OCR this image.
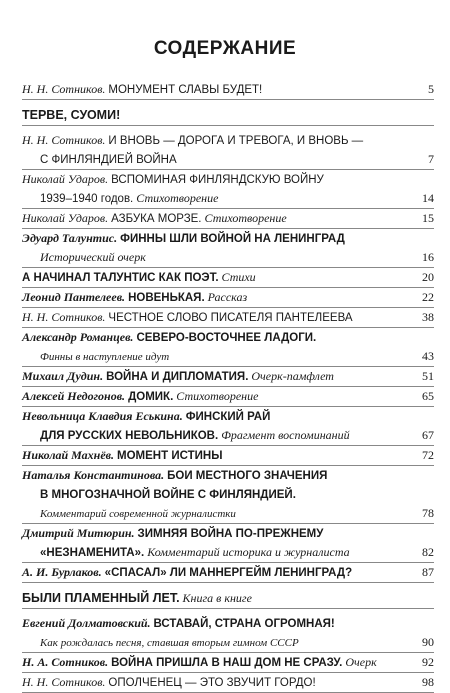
СОДЕРЖАНИЕ
Н. Н. Сотников. МОНУМЕНТ СЛАВЫ БУДЕТ!	5
ТЕРВЕ, СУОМИ!
Н. Н. Сотников. И ВНОВЬ — ДОРОГА И ТРЕВОГА, И ВНОВЬ —
С ФИНЛЯНДИЕЙ ВОЙНА	7
Николай Ударов. ВСПОМИНАЯ ФИНЛЯНДСКУЮ ВОЙНУ
1939–1940 годов. Стихотворение	14
Николай Ударов. АЗБУКА МОРЗЕ. Стихотворение	15
Эдуард Талунтис. ФИННЫ ШЛИ ВОЙНОЙ НА ЛЕНИНГРАД
Исторический очерк	16
А НАЧИНАЛ ТАЛУНТИС КАК ПОЭТ. Стихи	20
Леонид Пантелеев. НОВЕНЬКАЯ. Рассказ	22
Н. Н. Сотников. ЧЕСТНОЕ СЛОВО ПИСАТЕЛЯ ПАНТЕЛЕЕВА	38
Александр Романцев. СЕВЕРО-ВОСТОЧНЕЕ ЛАДОГИ.
Финны в наступление идут	43
Михаил Дудин. ВОЙНА И ДИПЛОМАТИЯ. Очерк-памфлет	51
Алексей Недогонов. ДОМИК. Стихотворение	65
Невольница Клавдия Еськина. ФИНСКИЙ РАЙ
ДЛЯ РУССКИХ НЕВОЛЬНИКОВ. Фрагмент воспоминаний	67
Николай Махнёв. МОМЕНТ ИСТИНЫ	72
Наталья Константинова. БОИ МЕСТНОГО ЗНАЧЕНИЯ
В МНОГОЗНАЧНОЙ ВОЙНЕ С ФИНЛЯНДИЕЙ.
Комментарий современной журналистки	78
Дмитрий Митюрин. ЗИМНЯЯ ВОЙНА ПО-ПРЕЖНЕМУ
«НЕЗНАМЕНИТА». Комментарий историка и журналиста	82
А. И. Бурлаков. «СПАСАЛ» ЛИ МАННЕРГЕЙМ ЛЕНИНГРАД?	87
БЫЛИ ПЛАМЕННЫЙ ЛЕТ. Книга в книге
Евгений Долматовский. ВСТАВАЙ, СТРАНА ОГРОМНАЯ!
Как рождалась песня, ставшая вторым гимном СССР	90
Н. А. Сотников. ВОЙНА ПРИШЛА В НАШ ДОМ НЕ СРАЗУ. Очерк	92
Н. Н. Сотников. ОПОЛЧЕНЕЦ — ЭТО ЗВУЧИТ ГОРДО!	98
